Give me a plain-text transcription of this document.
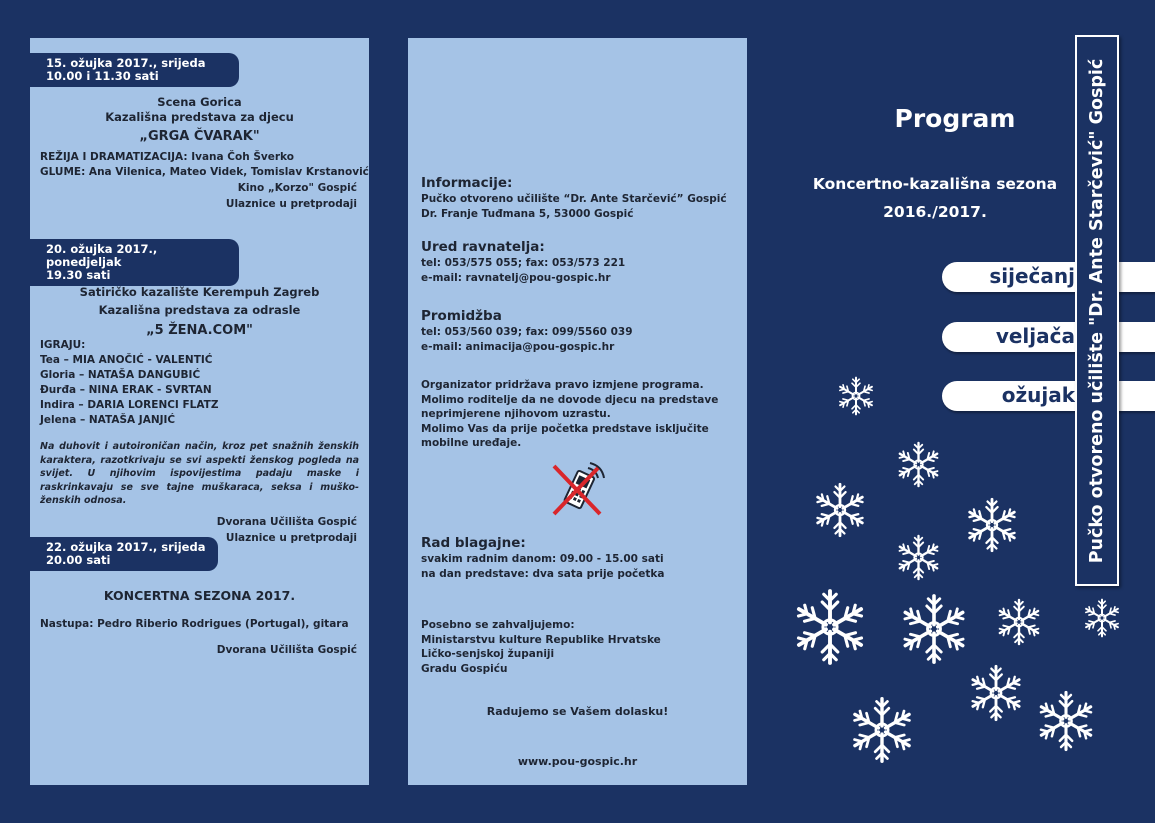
15. ožujka 2017., srijeda
10.00 i 11.30 sati
Scena Gorica
Kazališna predstava za djecu
„GRGA ČVARAK"
REŽIJA I DRAMATIZACIJA: Ivana Čoh Šverko
GLUME: Ana Vilenica, Mateo Videk, Tomislav Krstanović
Kino „Korzo" Gospić
Ulaznice u pretprodaji
20. ožujka 2017., ponedjeljak
19.30 sati
Satiričko kazalište Kerempuh Zagreb
Kazališna predstava za odrasle
„5 ŽENA.COM"
IGRAJU:
Tea – MIA ANOČIĆ - VALENTIĆ
Gloria – NATAŠA DANGUBIĆ
Đurđa – NINA ERAK - SVRTAN
Indira – DARIA LORENCI FLATZ
Jelena – NATAŠA JANJIĆ
Na duhovit i autoironičan način, kroz pet snažnih ženskih karaktera, razotkrivaju se svi aspekti ženskog pogleda na svijet. U njihovim ispovijestima padaju maske i raskrinkavaju se sve tajne muškaraca, seksa i muško-ženskih odnosa.
Dvorana Učilišta Gospić
Ulaznice u pretprodaji
22. ožujka 2017., srijeda
20.00 sati
KONCERTNA SEZONA 2017.
Nastupa: Pedro Riberio Rodrigues (Portugal), gitara
Dvorana Učilišta Gospić
Informacije:
Pučko otvoreno učilište “Dr. Ante Starčević” Gospić
Dr. Franje Tuđmana 5, 53000 Gospić
Ured ravnatelja:
tel: 053/575 055; fax: 053/573 221
e-mail: ravnatelj@pou-gospic.hr
Promidžba
tel: 053/560 039; fax: 099/5560 039
e-mail: animacija@pou-gospic.hr
Organizator pridržava pravo izmjene programa.
Molimo roditelje da ne dovode djecu na predstave
neprimjerene njihovom uzrastu.
Molimo Vas da prije početka predstave isključite
mobilne uređaje.
Rad blagajne:
svakim radnim danom: 09.00 - 15.00 sati
na dan predstave: dva sata prije početka
Posebno se zahvaljujemo:
Ministarstvu kulture Republike Hrvatske
Ličko-senjskoj županiji
Gradu Gospiću
Radujemo se Vašem dolasku!
www.pou-gospic.hr
Program
Koncertno-kazališna sezona
2016./2017.
siječanj
veljača
ožujak Pučko otvoreno učilište "Dr. Ante Starčević" Gospić
